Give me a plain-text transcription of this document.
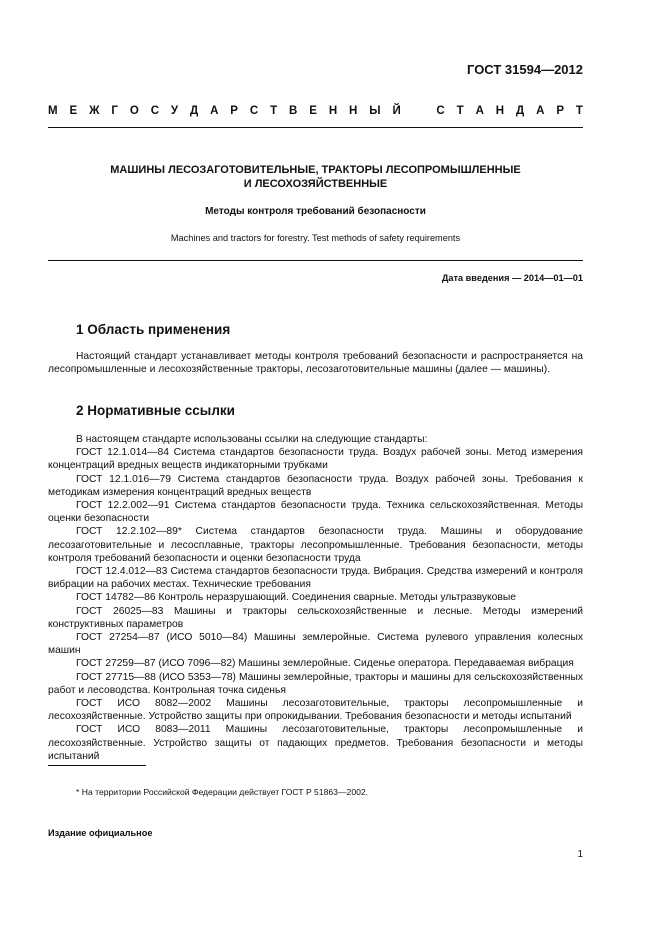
ГОСТ 31594—2012
М Е Ж Г О С У Д А Р С Т В Е Н Н Ы Й	С Т А Н Д А Р Т
МАШИНЫ ЛЕСОЗАГОТОВИТЕЛЬНЫЕ, ТРАКТОРЫ ЛЕСОПРОМЫШЛЕННЫЕ
И ЛЕСОХОЗЯЙСТВЕННЫЕ
Методы контроля требований безопасности
Machines and tractors for forestry. Test methods of safety requirements
Дата введения — 2014—01—01
1 Область применения

Настоящий стандарт устанавливает методы контроля требований безопасности и распространяется на лесопромышленные и лесохозяйственные тракторы, лесозаготовительные машины (далее — машины).

2 Нормативные ссылки

В настоящем стандарте использованы ссылки на следующие стандарты:

ГОСТ 12.1.014—84 Система стандартов безопасности труда. Воздух рабочей зоны. Метод измерения концентраций вредных веществ индикаторными трубками

ГОСТ 12.1.016—79 Система стандартов безопасности труда. Воздух рабочей зоны. Требования к методикам измерения концентраций вредных веществ

ГОСТ 12.2.002—91 Система стандартов безопасности труда. Техника сельскохозяйственная. Методы оценки безопасности

ГОСТ 12.2.102—89* Система стандартов безопасности труда. Машины и оборудование лесозаготовительные и лесосплавные, тракторы лесопромышленные. Требования безопасности, методы контроля требований безопасности и оценки безопасности труда

ГОСТ 12.4.012—83 Система стандартов безопасности труда. Вибрация. Средства измерений и контроля вибрации на рабочих местах. Технические требования

ГОСТ 14782—86 Контроль неразрушающий. Соединения сварные. Методы ультразвуковые

ГОСТ 26025—83 Машины и тракторы сельскохозяйственные и лесные. Методы измерений конструктивных параметров

ГОСТ 27254—87 (ИСО 5010—84) Машины землеройные. Система рулевого управления колесных машин

ГОСТ 27259—87 (ИСО 7096—82) Машины землеройные. Сиденье оператора. Передаваемая вибрация

ГОСТ 27715—88 (ИСО 5353—78) Машины землеройные, тракторы и машины для сельскохозяйственных работ и лесоводства. Контрольная точка сиденья

ГОСТ ИСО 8082—2002 Машины лесозаготовительные, тракторы лесопромышленные и лесохозяйственные. Устройство защиты при опрокидывании. Требования безопасности и методы испытаний

ГОСТ ИСО 8083—2011 Машины лесозаготовительные, тракторы лесопромышленные и лесохозяйственные. Устройство защиты от падающих предметов. Требования безопасности и методы испытаний

* На территории Российской Федерации действует ГОСТ Р 51863—2002.
Издание официальное
1
